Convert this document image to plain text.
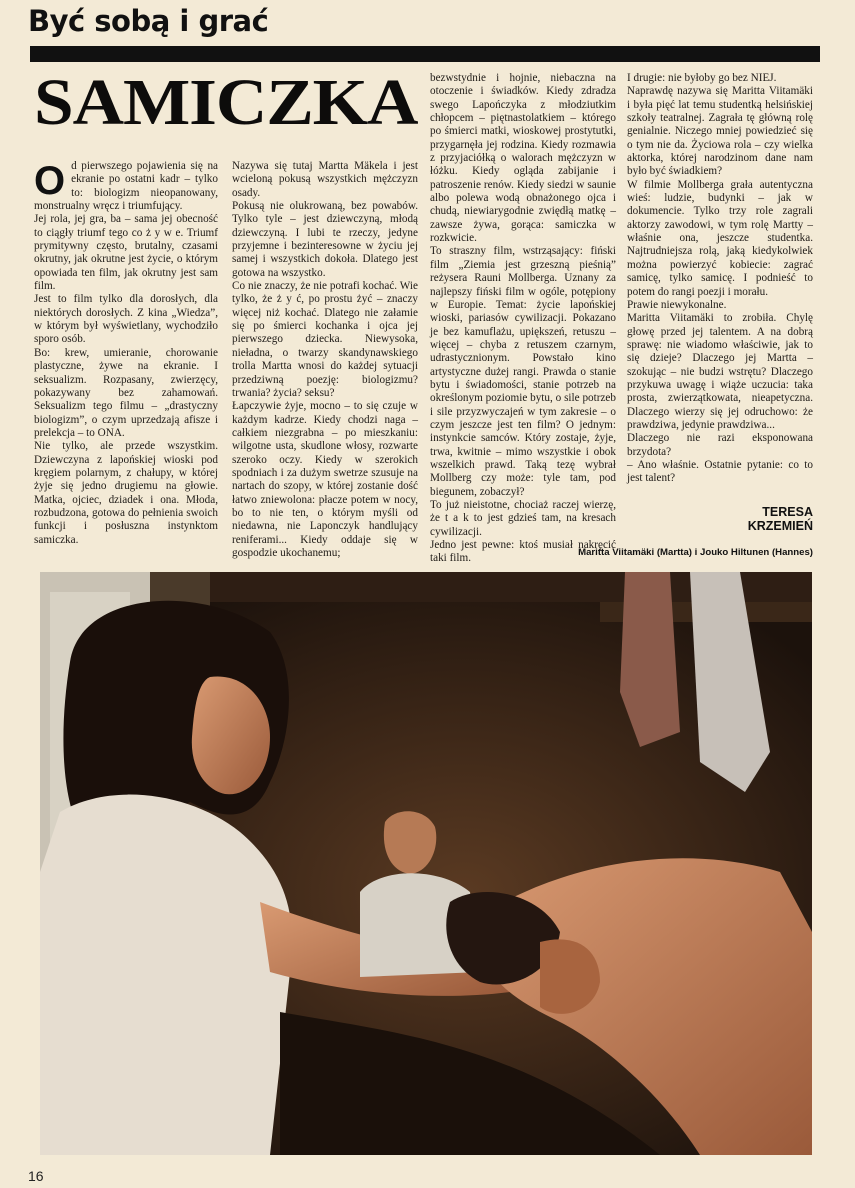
Być sobą i grać
SAMICZKA

Od pierwszego pojawienia się na ekranie po ostatni kadr – tylko to: biologizm nieopanowany, monstrualny wręcz i triumfujący.

Jej rola, jej gra, ba – sama jej obecność to ciągły triumf tego co ż y w e. Triumf prymitywny często, brutalny, czasami okrutny, jak okrutne jest życie, o którym opowiada ten film, jak okrutny jest sam film.

Jest to film tylko dla dorosłych, dla niektórych dorosłych. Z kina „Wiedza”, w którym był wyświetlany, wychodziło sporo osób.

Bo: krew, umieranie, chorowanie plastyczne, żywe na ekranie. I seksualizm. Rozpasany, zwierzęcy, pokazywany bez zahamowań. Seksualizm tego filmu – „drastyczny biologizm”, o czym uprzedzają afisze i prelekcja – to ONA.

Nie tylko, ale przede wszystkim. Dziewczyna z lapońskiej wioski pod kręgiem polarnym, z chałupy, w której żyje się jedno drugiemu na głowie. Matka, ojciec, dziadek i ona. Młoda, rozbudzona, gotowa do pełnienia swoich funkcji i posłuszna instynktom samiczka.

Nazywa się tutaj Martta Mäkela i jest wcieloną pokusą wszystkich mężczyzn osady.

Pokusą nie olukrowaną, bez powabów. Tylko tyle – jest dziewczyną, młodą dziewczyną. I lubi te rzeczy, jedyne przyjemne i bezinteresowne w życiu jej samej i wszystkich dokoła. Dlatego jest gotowa na wszystko.

Co nie znaczy, że nie potrafi kochać. Wie tylko, że ż y ć, po prostu żyć – znaczy więcej niż kochać. Dlatego nie załamie się po śmierci kochanka i ojca jej pierwszego dziecka. Niewysoka, nieładna, o twarzy skandynawskiego trolla Martta wnosi do każdej sytuacji przedziwną poezję: biologizmu? trwania? życia? seksu?

Łapczywie żyje, mocno – to się czuje w każdym kadrze. Kiedy chodzi naga – całkiem niezgrabna – po mieszkaniu: wilgotne usta, skudlone włosy, rozwarte szeroko oczy. Kiedy w szerokich spodniach i za dużym swetrze szusuje na nartach do szopy, w której zostanie dość łatwo zniewolona: płacze potem w nocy, bo to nie ten, o którym myśli od niedawna, nie Laponczyk handlujący reniferami... Kiedy oddaje się w gospodzie ukochanemu;

bezwstydnie i hojnie, niebaczna na otoczenie i świadków. Kiedy zdradza swego Lapończyka z młodziutkim chłopcem – piętnastolatkiem – którego po śmierci matki, wioskowej prostytutki, przygarnęła jej rodzina. Kiedy rozmawia z przyjaciółką o walorach mężczyzn w łóżku. Kiedy ogląda zabijanie i patroszenie renów. Kiedy siedzi w saunie albo polewa wodą obnażonego ojca i chudą, niewiarygodnie zwiędłą matkę – zawsze żywa, gorąca: samiczka w rozkwicie.

To straszny film, wstrząsający: fiński film „Ziemia jest grzeszną pieśnią” reżysera Rauni Mollberga. Uznany za najlepszy fiński film w ogóle, potępiony w Europie. Temat: życie lapońskiej wioski, pariasów cywilizacji. Pokazano je bez kamuflażu, upiększeń, retuszu – więcej – chyba z retuszem czarnym, udrastycznionym. Powstało kino artystyczne dużej rangi. Prawda o stanie bytu i świadomości, stanie potrzeb na określonym poziomie bytu, o sile potrzeb i sile przyzwyczajeń w tym zakresie – o czym jeszcze jest ten film? O jednym: instynkcie samców. Który zostaje, żyje, trwa, kwitnie – mimo wszystkie i obok wszelkich prawd. Taką tezę wybrał Mollberg czy może: tyle tam, pod biegunem, zobaczył?

To już nieistotne, chociaż raczej wierzę, że t a k to jest gdzieś tam, na kresach cywilizacji.

Jedno jest pewne: ktoś musiał nakręcić taki film.

I drugie: nie byłoby go bez NIEJ.

Naprawdę nazywa się Maritta Viitamäki i była pięć lat temu studentką helsińskiej szkoły teatralnej. Zagrała tę główną rolę genialnie. Niczego mniej powiedzieć się o tym nie da. Życiowa rola – czy wielka aktorka, której narodzinom dane nam było być świadkiem?

W filmie Mollberga grała autentyczna wieś: ludzie, budynki – jak w dokumencie. Tylko trzy role zagrali aktorzy zawodowi, w tym rolę Martty – właśnie ona, jeszcze studentka. Najtrudniejsza rolą, jaką kiedykolwiek można powierzyć kobiecie: zagrać samicę, tylko samicę. I podnieść to potem do rangi poezji i morału.

Prawie niewykonalne.

Maritta Viitamäki to zrobiła. Chylę głowę przed jej talentem. A na dobrą sprawę: nie wiadomo właściwie, jak to się dzieje? Dlaczego jej Martta – szokując – nie budzi wstrętu? Dlaczego przykuwa uwagę i wiąże uczucia: taka prosta, zwierzątkowata, nieapetyczna. Dlaczego wierzy się jej odruchowo: że prawdziwa, jedynie prawdziwa...

Dlaczego nie razi eksponowana brzydota?

– Ano właśnie. Ostatnie pytanie: co to jest talent?

TERESA
KRZEMIEŃ
Maritta Viitamäki (Martta) i Jouko Hiltunen (Hannes)
16
